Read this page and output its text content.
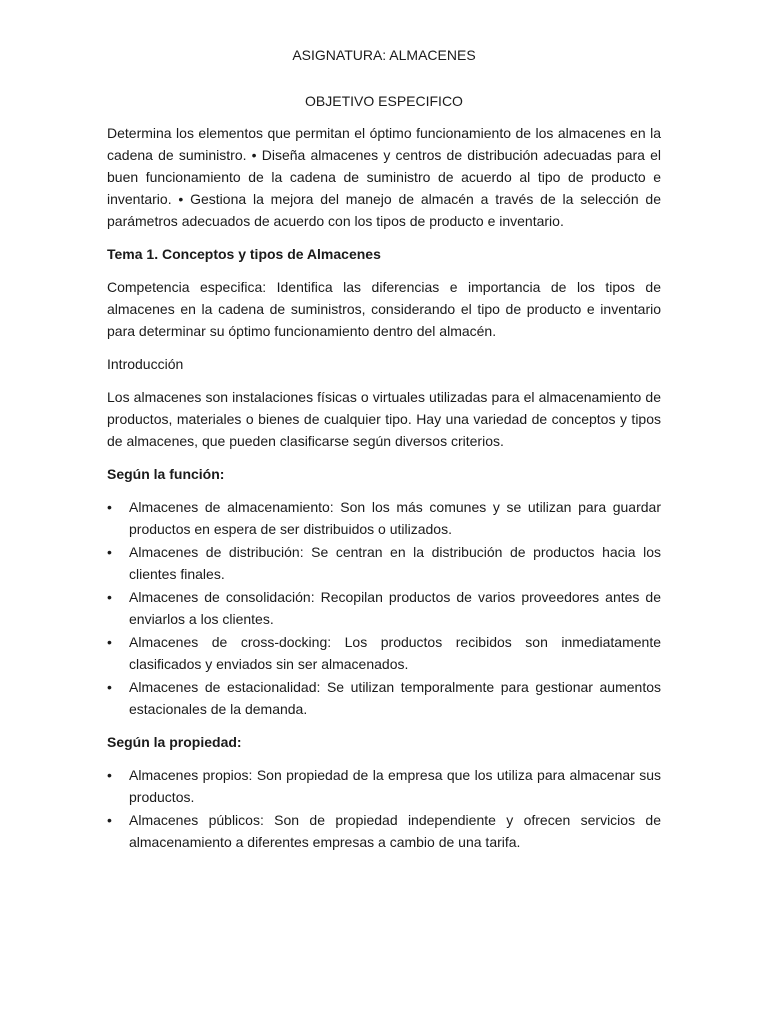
ASIGNATURA: ALMACENES

OBJETIVO ESPECIFICO

Determina los elementos que permitan el óptimo funcionamiento de los almacenes en la cadena de suministro. • Diseña almacenes y centros de distribución adecuadas para el buen funcionamiento de la cadena de suministro de acuerdo al tipo de producto e inventario. • Gestiona la mejora del manejo de almacén a través de la selección de parámetros adecuados de acuerdo con los tipos de producto e inventario.

Tema 1. Conceptos y tipos de Almacenes

Competencia especifica: Identifica las diferencias e importancia de los tipos de almacenes en la cadena de suministros, considerando el tipo de producto e inventario para determinar su óptimo funcionamiento dentro del almacén.

Introducción

Los almacenes son instalaciones físicas o virtuales utilizadas para el almacenamiento de productos, materiales o bienes de cualquier tipo. Hay una variedad de conceptos y tipos de almacenes, que pueden clasificarse según diversos criterios.

Según la función:

• Almacenes de almacenamiento: Son los más comunes y se utilizan para guardar productos en espera de ser distribuidos o utilizados.
• Almacenes de distribución: Se centran en la distribución de productos hacia los clientes finales.
• Almacenes de consolidación: Recopilan productos de varios proveedores antes de enviarlos a los clientes.
• Almacenes de cross-docking: Los productos recibidos son inmediatamente clasificados y enviados sin ser almacenados.
• Almacenes de estacionalidad: Se utilizan temporalmente para gestionar aumentos estacionales de la demanda.

Según la propiedad:

• Almacenes propios: Son propiedad de la empresa que los utiliza para almacenar sus productos.
• Almacenes públicos: Son de propiedad independiente y ofrecen servicios de almacenamiento a diferentes empresas a cambio de una tarifa.
